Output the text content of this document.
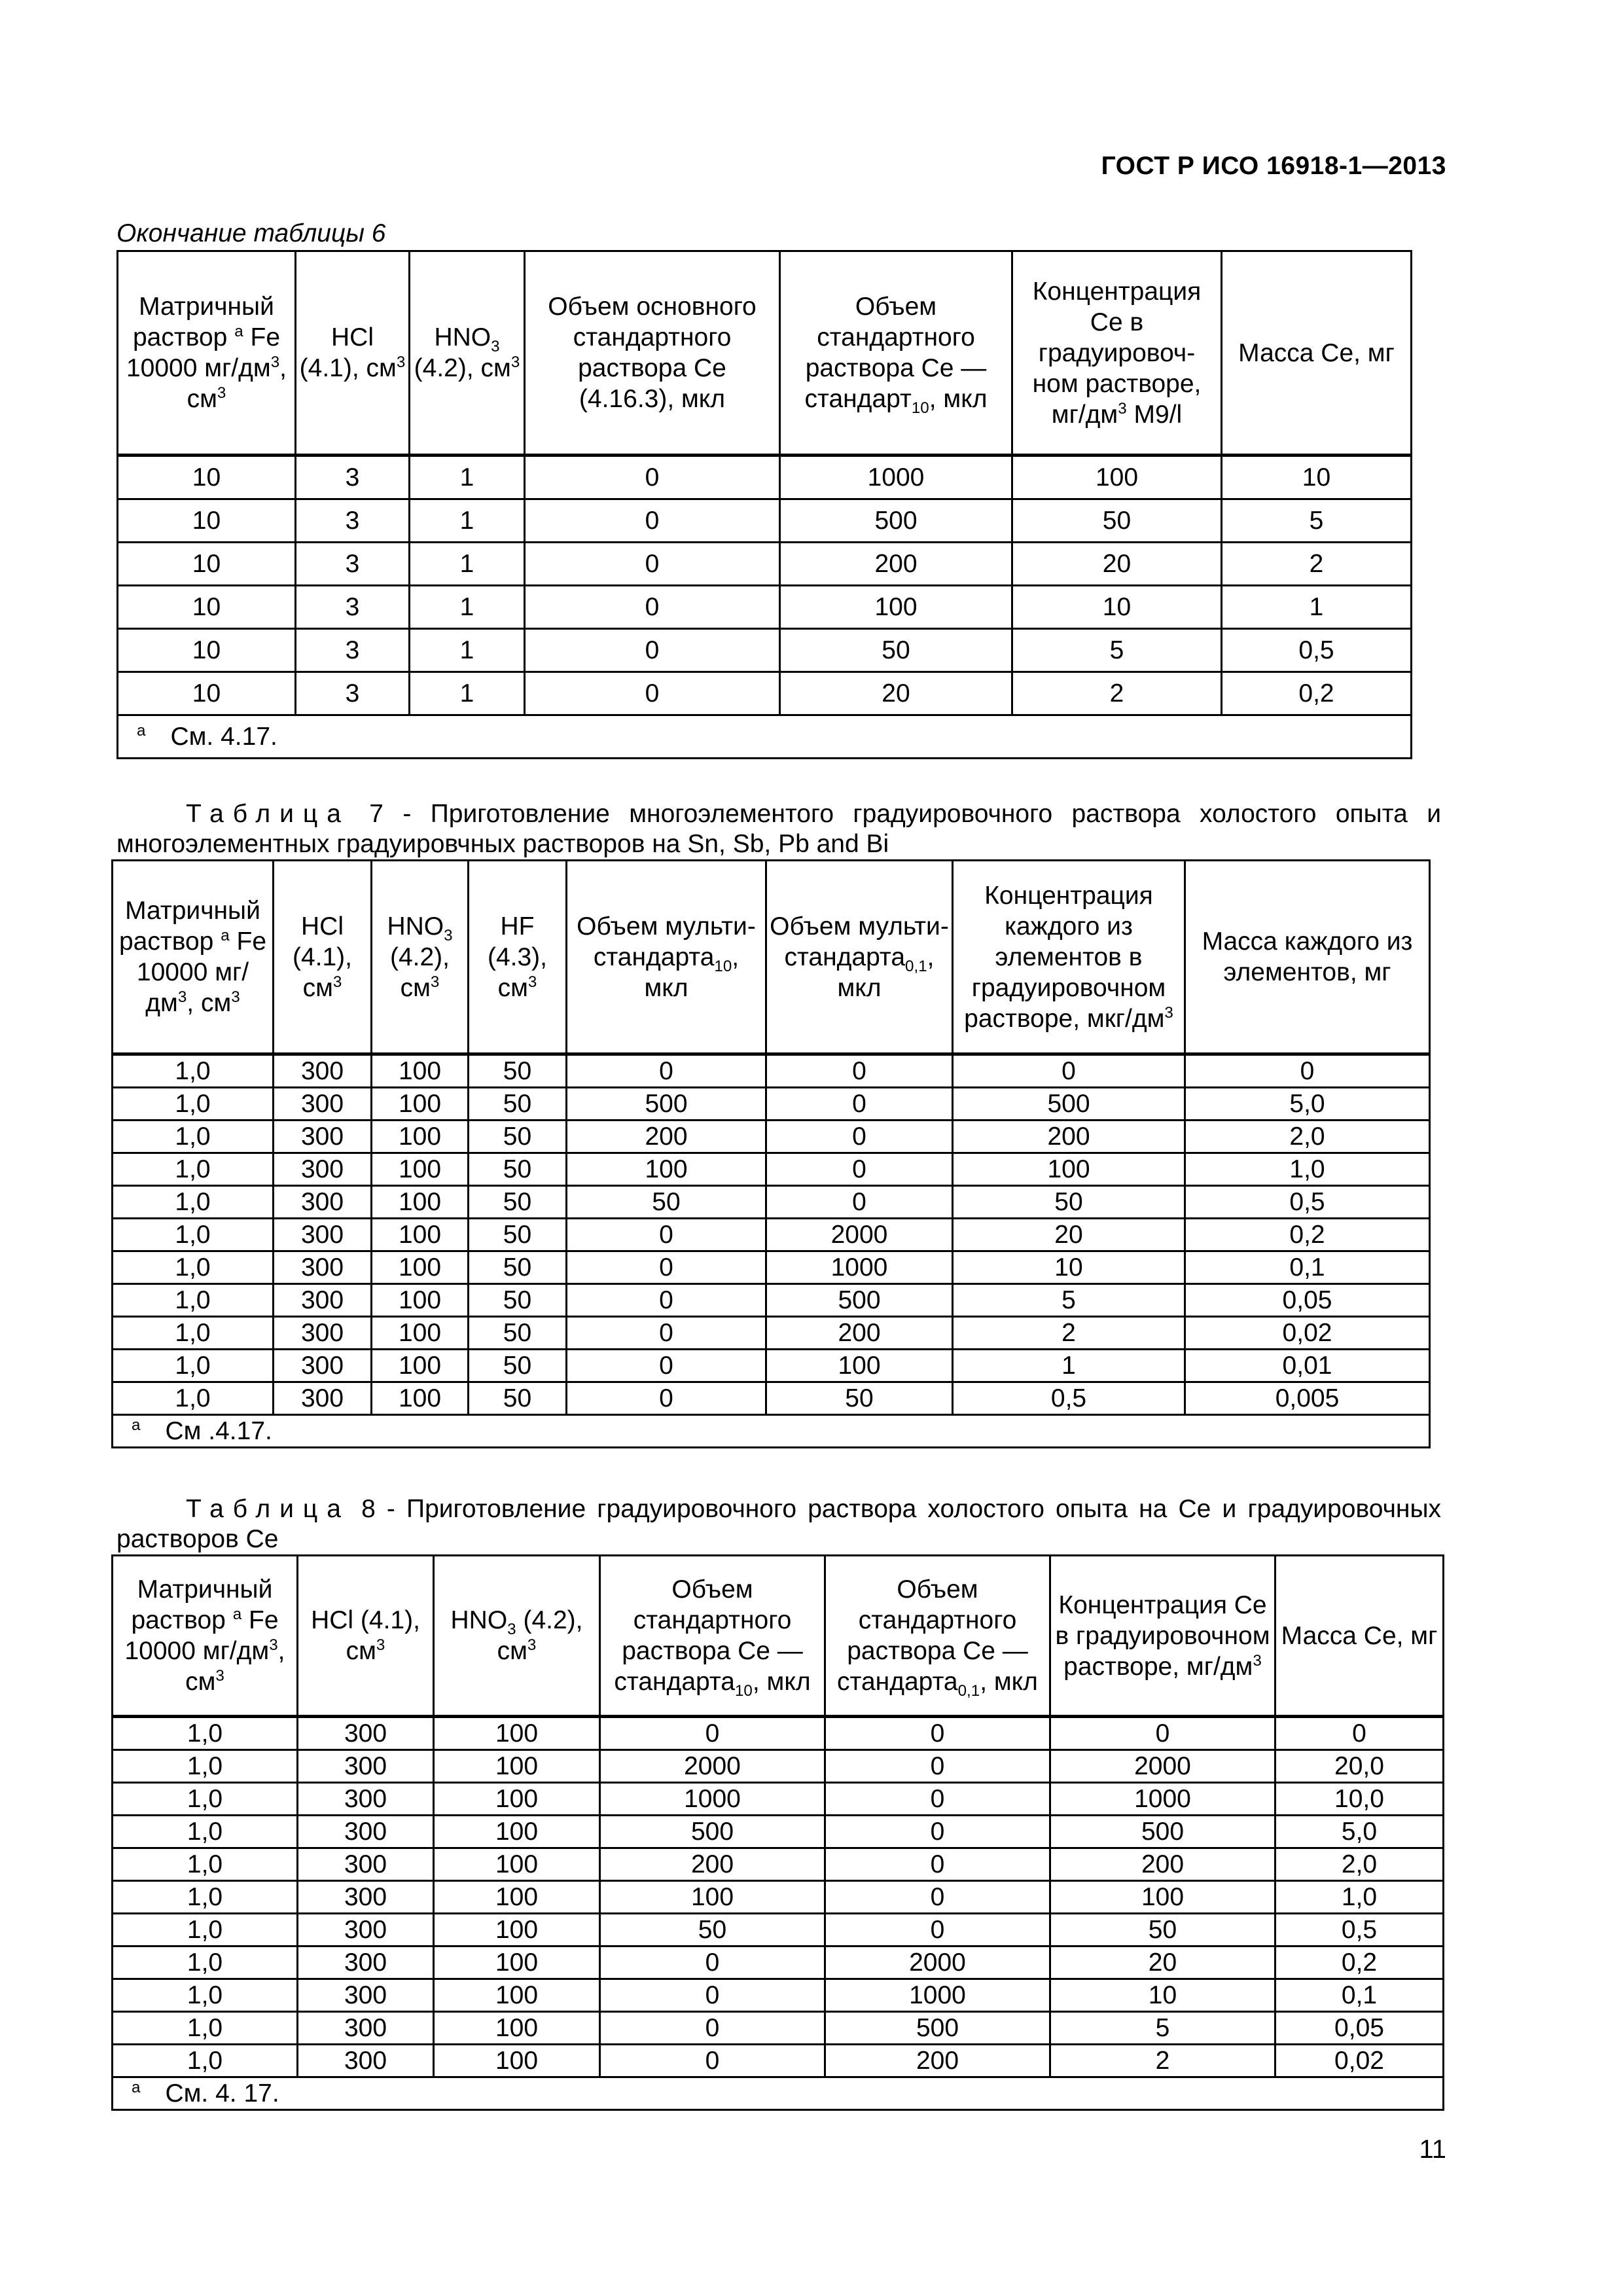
ГОСТ Р ИСО 16918-1—2013
Окончание таблицы 6
Матричный раствор $^a$ Fe 10000 $мг/дм^3$, $см^3$	HCl (4.1), $см^3$	$HNO_3$ (4.2), $см^3$	Объем основного стандартного раствора Ce (4.16.3), мкл	Объем стандартного раствора Ce — стандарт$_{10}$, мкл	Концентрация Ce в градуировоч-ном растворе, $мг/дм^3$ М9/l	Масса Ce, мг
10	3	1	0	1000	100	10
10	3	1	0	500	50	5
10	3	1	0	200	20	2
10	3	1	0	100	10	1
10	3	1	0	50	5	0,5
10	3	1	0	20	2	0,2
$^a$ См. 4.17.						
Таблица 7 - Приготовление многоэлементого градуировочного раствора холостого опыта и многоэлементных градуировчных растворов на Sn, Sb, Pb and Bi
Матричный раствор $^a$ Fe 10000 $мг/дм^3$, $см^3$	HCl (4.1), $см^3$	$HNO_3$ (4.2), $см^3$	HF (4.3), $см^3$	Объем мульти-стандарта$_{10}$, мкл	Объем мульти-стандарта$_{0,1}$, мкл	Концентрация каждого из элементов в градуировочном растворе, мкг/$дм^3$	Масса каждого из элементов, мг
1,0	300	100	50	0	0	0	0
1,0	300	100	50	500	0	500	5,0
1,0	300	100	50	200	0	200	2,0
1,0	300	100	50	100	0	100	1,0
1,0	300	100	50	50	0	50	0,5
1,0	300	100	50	0	2000	20	0,2
1,0	300	100	50	0	1000	10	0,1
1,0	300	100	50	0	500	5	0,05
1,0	300	100	50	0	200	2	0,02
1,0	300	100	50	0	100	1	0,01
1,0	300	100	50	0	50	0,5	0,005
$^a$ См .4.17.							
Таблица 8 - Приготовление градуировочного раствора холостого опыта на Ce и градуировочных растворов Ce
Матричный раствор $^a$ Fe 10000 $мг/дм^3$, $см^3$	HCl (4.1), $см^3$	$HNO_3$ (4.2), $см^3$	Объем стандартного раствора Ce — стандарта$_{10}$, мкл	Объем стандартного раствора Ce — стандарта$_{0,1}$, мкл	Концентрация Ce в градуировочном растворе, $мг/дм^3$	Масса Ce, мг
1,0	300	100	0	0	0	0
1,0	300	100	2000	0	2000	20,0
1,0	300	100	1000	0	1000	10,0
1,0	300	100	500	0	500	5,0
1,0	300	100	200	0	200	2,0
1,0	300	100	100	0	100	1,0
1,0	300	100	50	0	50	0,5
1,0	300	100	0	2000	20	0,2
1,0	300	100	0	1000	10	0,1
1,0	300	100	0	500	5	0,05
1,0	300	100	0	200	2	0,02
$^a$ См. 4. 17.						
11
